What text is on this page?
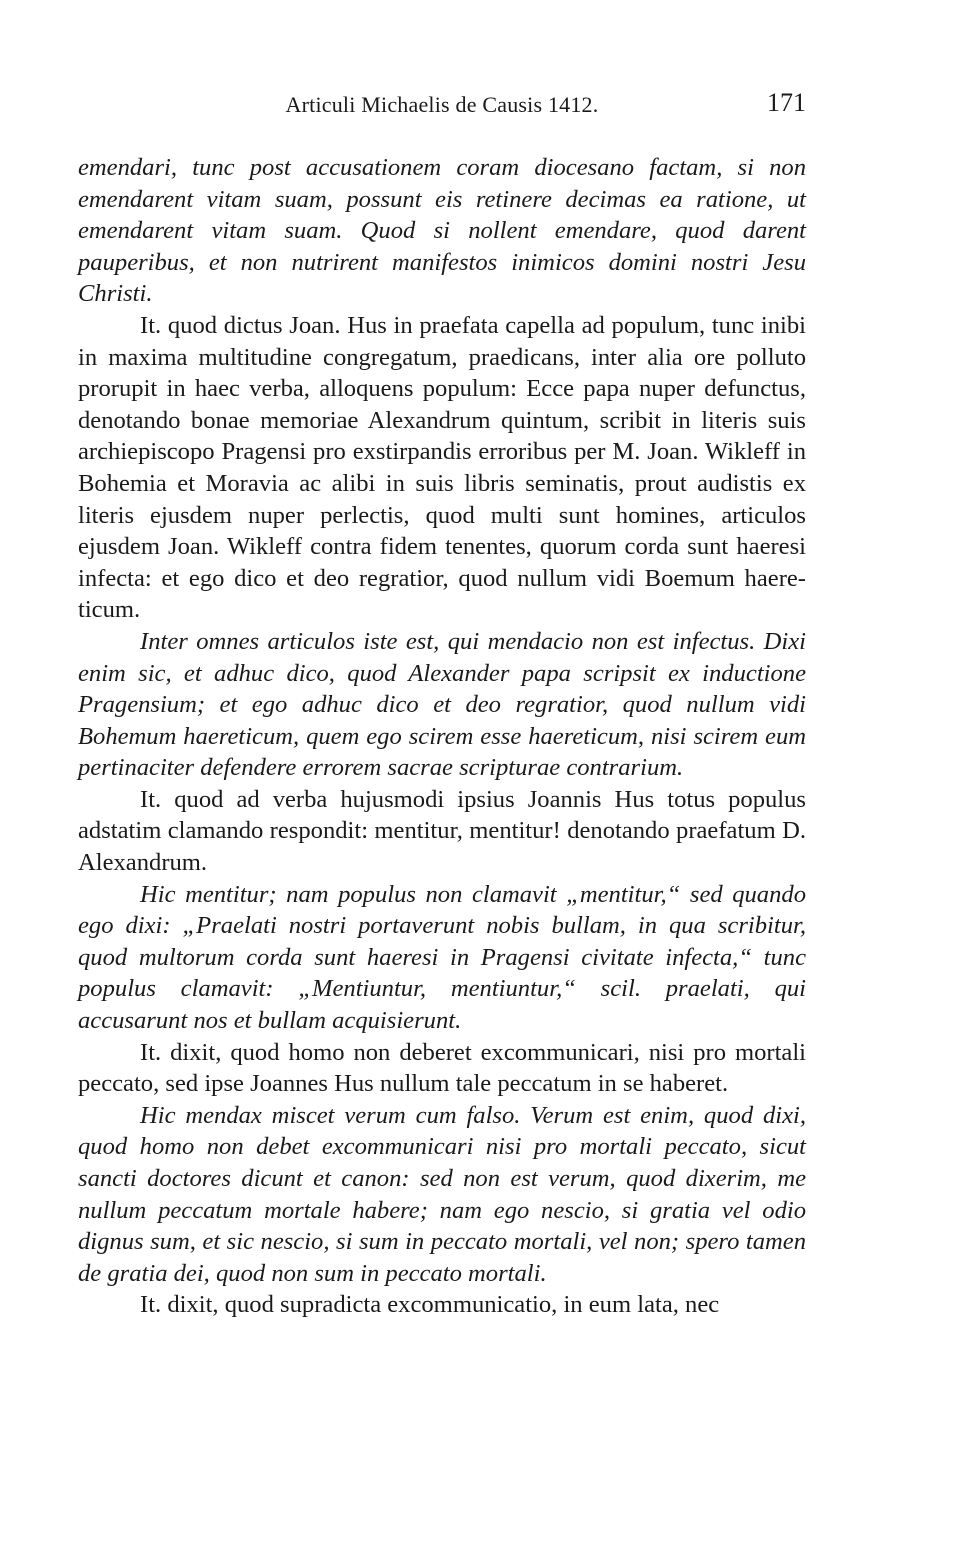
Articuli Michaelis de Causis 1412.	171

emendari, tunc post accusationem coram diocesano factam, si non emendarent vitam suam, possunt eis retinere decimas ea ratione, ut emendarent vitam suam. Quod si nollent emendare, quod darent pauperibus, et non nutrirent manifestos inimicos domini nostri Jesu Christi.

It. quod dictus Joan. Hus in praefata capella ad populum, tunc inibi in maxima multitudine congregatum, praedicans, inter alia ore polluto prorupit in haec verba, alloquens populum: Ecce papa nuper defunctus, denotando bonae memoriae Alexandrum quintum, scribit in literis suis archiepiscopo Pragensi pro exstirpandis erroribus per M. Joan. Wikleff in Bohemia et Moravia ac alibi in suis libris seminatis, prout audistis ex literis ejusdem nuper perlectis, quod multi sunt homines, articulos ejusdem Joan. Wikleff contra fidem tenentes, quorum corda sunt haeresi infecta: et ego dico et deo regratior, quod nullum vidi Boemum haereticum.

Inter omnes articulos iste est, qui mendacio non est infectus. Dixi enim sic, et adhuc dico, quod Alexander papa scripsit ex inductione Pragensium; et ego adhuc dico et deo regratior, quod nullum vidi Bohemum haereticum, quem ego scirem esse haereticum, nisi scirem eum pertinaciter defendere errorem sacrae scripturae contrarium.

It. quod ad verba hujusmodi ipsius Joannis Hus totus populus adstatim clamando respondit: mentitur, mentitur! denotando praefatum D. Alexandrum.

Hic mentitur; nam populus non clamavit „mentitur,“ sed quando ego dixi: „Praelati nostri portaverunt nobis bullam, in qua scribitur, quod multorum corda sunt haeresi in Pragensi civitate infecta,“ tunc populus clamavit: „Mentiuntur, mentiuntur,“ scil. praelati, qui accusarunt nos et bullam acquisierunt.

It. dixit, quod homo non deberet excommunicari, nisi pro mortali peccato, sed ipse Joannes Hus nullum tale peccatum in se haberet.

Hic mendax miscet verum cum falso. Verum est enim, quod dixi, quod homo non debet excommunicari nisi pro mortali peccato, sicut sancti doctores dicunt et canon: sed non est verum, quod dixerim, me nullum peccatum mortale habere; nam ego nescio, si gratia vel odio dignus sum, et sic nescio, si sum in peccato mortali, vel non; spero tamen de gratia dei, quod non sum in peccato mortali.

It. dixit, quod supradicta excommunicatio, in eum lata, nec
